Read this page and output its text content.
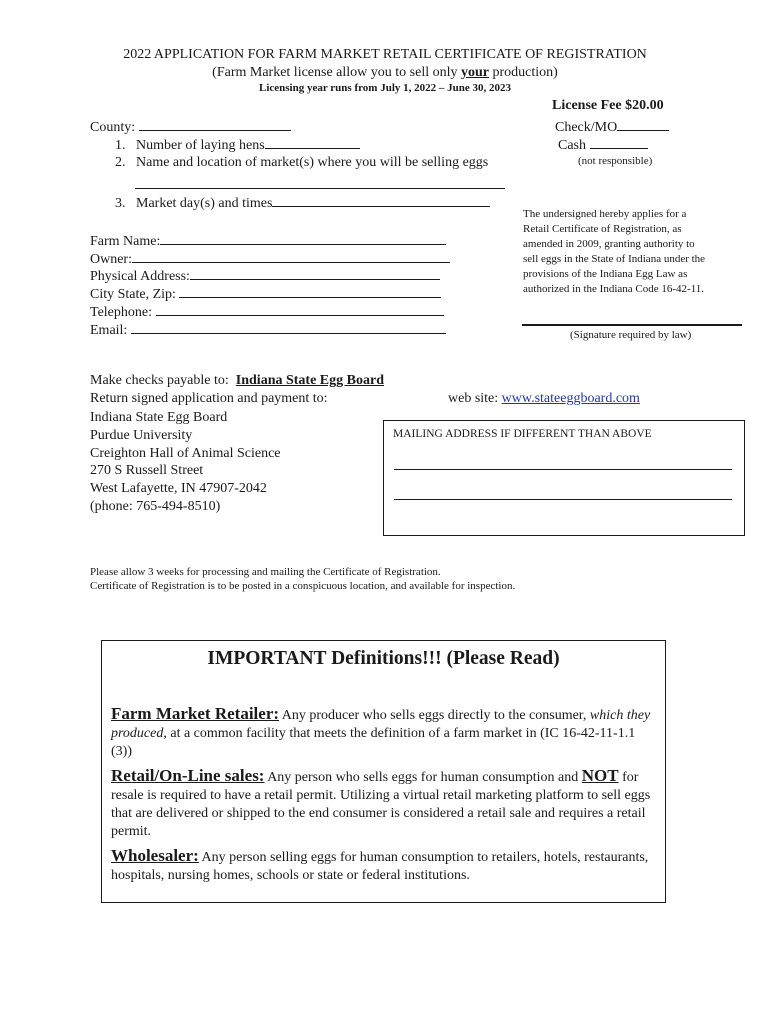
2022 APPLICATION FOR FARM MARKET RETAIL CERTIFICATE OF REGISTRATION
(Farm Market license allow you to sell only your production)
Licensing year runs from July 1, 2022 – June 30, 2023
License Fee $20.00
Check/MO
Cash
(not responsible)
County:
1. Number of laying hens
2. Name and location of market(s) where you will be selling eggs
3. Market day(s) and times
Farm Name:
Owner:
Physical Address:
City State, Zip:
Telephone:
Email:
The undersigned hereby applies for a
Retail Certificate of Registration, as
amended in 2009, granting authority to
sell eggs in the State of Indiana under the
provisions of the Indiana Egg Law as
authorized in the Indiana Code 16-42-11.
(Signature required by law)
Make checks payable to: Indiana State Egg Board
Return signed application and payment to:	web site: www.stateeggboard.com
Indiana State Egg Board
Purdue University
Creighton Hall of Animal Science
270 S Russell Street
West Lafayette, IN 47907-2042
(phone: 765-494-8510)
MAILING ADDRESS IF DIFFERENT THAN ABOVE
Please allow 3 weeks for processing and mailing the Certificate of Registration.
Certificate of Registration is to be posted in a conspicuous location, and available for inspection.
IMPORTANT Definitions!!! (Please Read)
Farm Market Retailer: Any producer who sells eggs directly to the consumer, which they produced, at a common facility that meets the definition of a farm market in (IC 16-42-11-1.1 (3))
Retail/On-Line sales: Any person who sells eggs for human consumption and NOT for resale is required to have a retail permit. Utilizing a virtual retail marketing platform to sell eggs that are delivered or shipped to the end consumer is considered a retail sale and requires a retail permit.
Wholesaler: Any person selling eggs for human consumption to retailers, hotels, restaurants, hospitals, nursing homes, schools or state or federal institutions.
